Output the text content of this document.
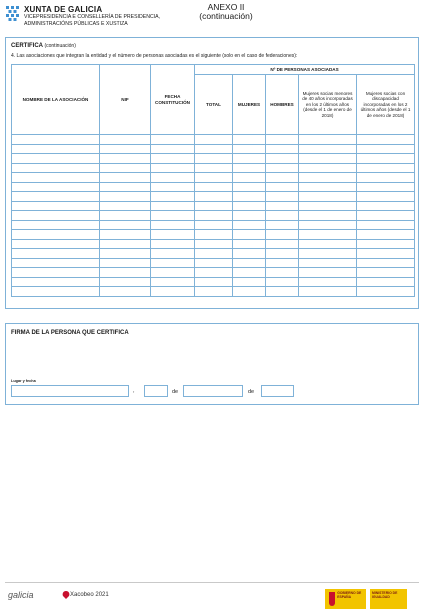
XUNTA DE GALICIA
VICEPRESIDENCIA E CONSELLERÍA DE PRESIDENCIA,
ADMINISTRACIÓNS PÚBLICAS E XUSTIZA
ANEXO II
(continuación)
CERTIFICA (continuación)
4. Las asociaciones que integran la entidad y el número de personas asociadas es el siguiente (solo en el caso de federaciones):
NOMBRE DE LA ASOCIACIÓN	NIF	FECHA CONSTITUCIÓN	Nº DE PERSONAS ASOCIADAS				
			TOTAL	MUJERES	HOMBRES	Mujeres socias menores de 40 años incorporadas en los 2 últimos años (desde el 1 de enero de 2018)	Mujeres socias con discapacidad incorporadas en los 2 últimos años (desde el 1 de enero de 2018)

FIRMA DE LA PERSONA QUE CERTIFICA
Lugar y fecha
,	de	de
galicia	Xacobeo 2021	GOBIERNO DE ESPAÑA
MINISTERIO DE IGUALDAD
